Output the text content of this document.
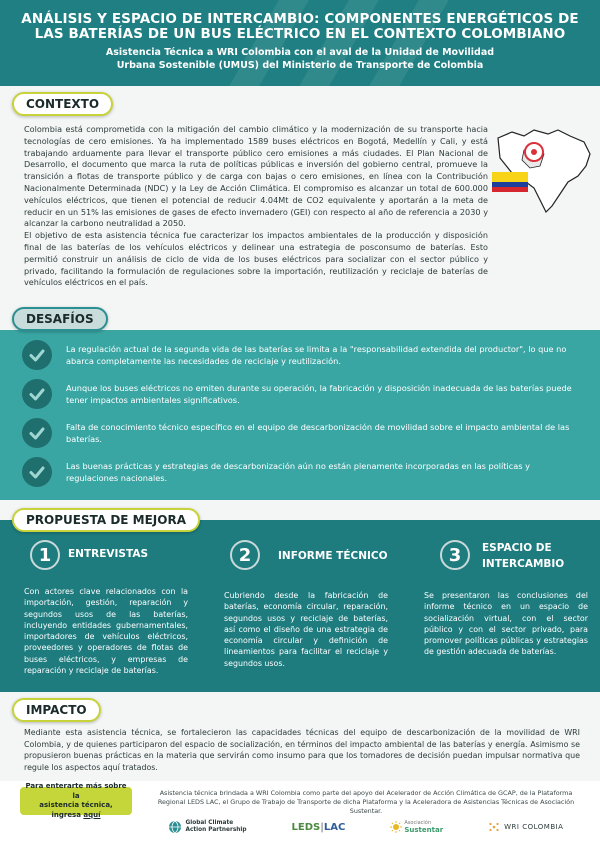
ANÁLISIS Y ESPACIO DE INTERCAMBIO: COMPONENTES ENERGÉTICOS DE
LAS BATERÍAS DE UN BUS ELÉCTRICO EN EL CONTEXTO COLOMBIANO
Asistencia Técnica a WRI Colombia con el aval de la Unidad de Movilidad
Urbana Sostenible (UMUS) del Ministerio de Transporte de Colombia
CONTEXTO

Colombia está comprometida con la mitigación del cambio climático y la modernización de su transporte hacia tecnologías de cero emisiones. Ya ha implementado 1589 buses eléctricos en Bogotá, Medellín y Cali, y está trabajando arduamente para llevar el transporte público cero emisiones a más ciudades. El Plan Nacional de Desarrollo, el documento que marca la ruta de políticas públicas e inversión del gobierno central, promueve la transición a flotas de transporte público y de carga con bajas o cero emisiones, en línea con la Contribución Nacionalmente Determinada (NDC) y la Ley de Acción Climática. El compromiso es alcanzar un total de 600.000 vehículos eléctricos, que tienen el potencial de reducir 4.04Mt de CO2 equivalente y aportarán a la meta de reducir en un 51% las emisiones de gases de efecto invernadero (GEI) con respecto al año de referencia a 2030 y alcanzar la carbono neutralidad a 2050.

El objetivo de esta asistencia técnica fue caracterizar los impactos ambientales de la producción y disposición final de las baterías de los vehículos eléctricos y delinear una estrategia de posconsumo de baterías. Esto permitió construir un análisis de ciclo de vida de los buses eléctricos para socializar con el sector público y privado, facilitando la formulación de regulaciones sobre la importación, reutilización y reciclaje de baterías de vehículos eléctricos en el país.

DESAFÍOS
La regulación actual de la segunda vida de las baterías se limita a la "responsabilidad extendida del productor", lo que no abarca completamente las necesidades de reciclaje y reutilización.
Aunque los buses eléctricos no emiten durante su operación, la fabricación y disposición inadecuada de las baterías puede tener impactos ambientales significativos.
Falta de conocimiento técnico específico en el equipo de descarbonización de movilidad sobre el impacto ambiental de las baterías.
Las buenas prácticas y estrategias de descarbonización aún no están plenamente incorporadas en las políticas y regulaciones nacionales.
1	ENTREVISTAS
Con actores clave relacionados con la importación, gestión, reparación y segundos usos de las baterías, incluyendo entidades gubernamentales, importadores de vehículos eléctricos, proveedores y operadores de flotas de buses eléctricos, y empresas de reparación y reciclaje de baterías.
2	INFORME TÉCNICO
Cubriendo desde la fabricación de baterías, economía circular, reparación, segundos usos y reciclaje de baterías, así como el diseño de una estrategia de economía circular y definición de lineamientos para facilitar el reciclaje y segundos usos.
3	ESPACIO DE
INTERCAMBIO
Se presentaron las conclusiones del informe técnico en un espacio de socialización virtual, con el sector público y con el sector privado, para promover políticas públicas y estrategias de gestión adecuada de baterías.
PROPUESTA DE MEJORA
IMPACTO
Mediante esta asistencia técnica, se fortalecieron las capacidades técnicas del equipo de descarbonización de la movilidad de WRI Colombia, y de quienes participaron del espacio de socialización, en términos del impacto ambiental de las baterías y energía. Asimismo se propusieron buenas prácticas en la materia que servirán como insumo para que los tomadores de decisión puedan impulsar normativa que regule los aspectos aquí tratados.
Para enterarte más sobre la
asistencia técnica, ingresa aquí
Asistencia técnica brindada a WRI Colombia como parte del apoyo del Acelerador de Acción Climática de GCAP, de la Plataforma Regional LEDS LAC, el Grupo de Trabajo de Transporte de dicha Plataforma y la Aceleradora de Asistencias Técnicas de Asociación Sustentar.
Global Climate
Action Partnership	LEDS | LAC	Asociación
Sustentar	WRI COLOMBIA
